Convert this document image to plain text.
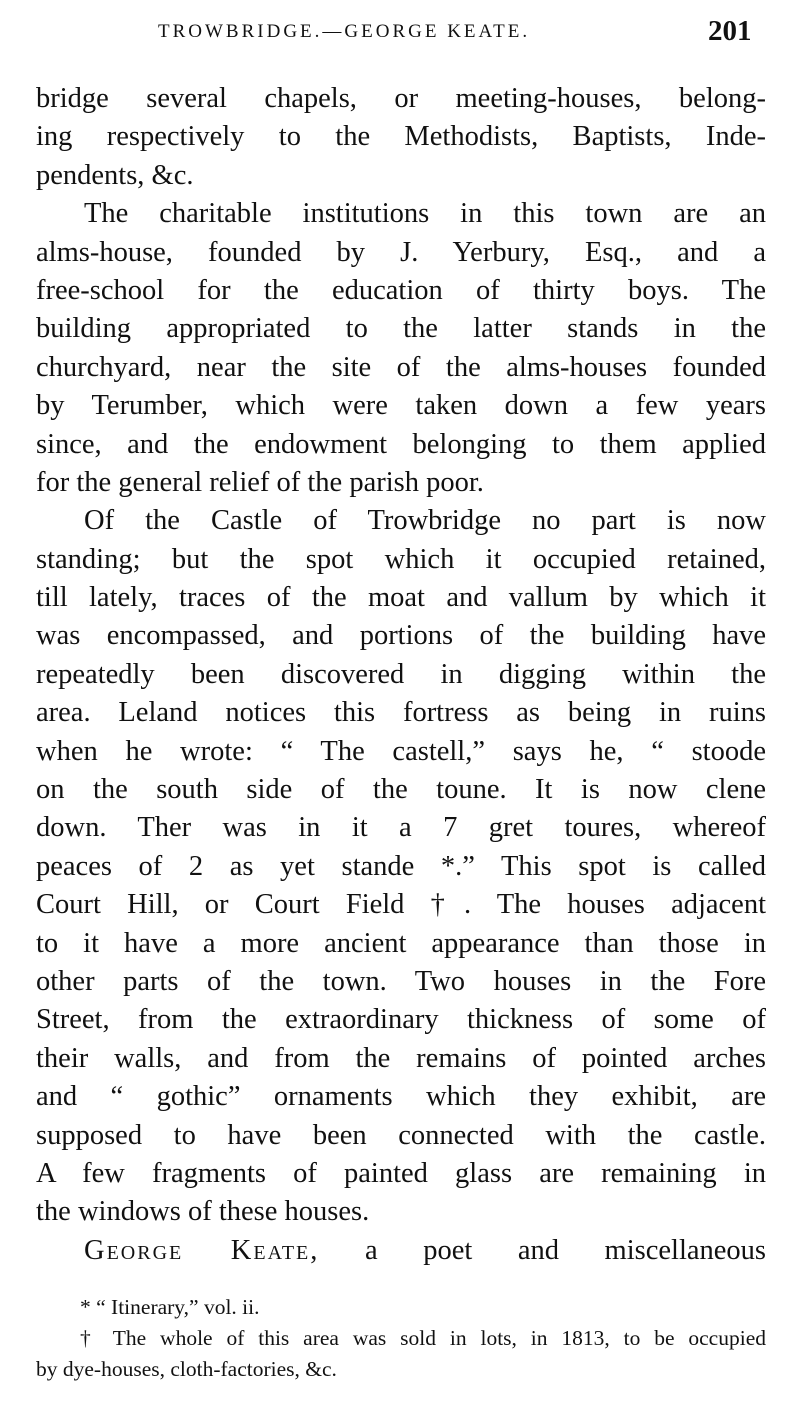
TROWBRIDGE.—GEORGE KEATE.	201
bridge several chapels, or meeting-houses, belong-
ing respectively to the Methodists, Baptists, Inde-
pendents, &c.
The charitable institutions in this town are an
alms-house, founded by J. Yerbury, Esq., and a
free-school for the education of thirty boys. The
building appropriated to the latter stands in the
churchyard, near the site of the alms-houses founded
by Terumber, which were taken down a few years
since, and the endowment belonging to them applied
for the general relief of the parish poor.
Of the Castle of Trowbridge no part is now
standing; but the spot which it occupied retained,
till lately, traces of the moat and vallum by which it
was encompassed, and portions of the building have
repeatedly been discovered in digging within the
area. Leland notices this fortress as being in ruins
when he wrote: “ The castell,” says he, “ stoode
on the south side of the toune. It is now clene
down. Ther was in it a 7 gret toures, whereof
peaces of 2 as yet stande *.” This spot is called
Court Hill, or Court Field †. The houses adjacent
to it have a more ancient appearance than those in
other parts of the town. Two houses in the Fore
Street, from the extraordinary thickness of some of
their walls, and from the remains of pointed arches
and “ gothic” ornaments which they exhibit, are
supposed to have been connected with the castle.
A few fragments of painted glass are remaining in
the windows of these houses.
George Keate, a poet and miscellaneous
* “ Itinerary,” vol. ii.
† The whole of this area was sold in lots, in 1813, to be occupied
by dye-houses, cloth-factories, &c.
